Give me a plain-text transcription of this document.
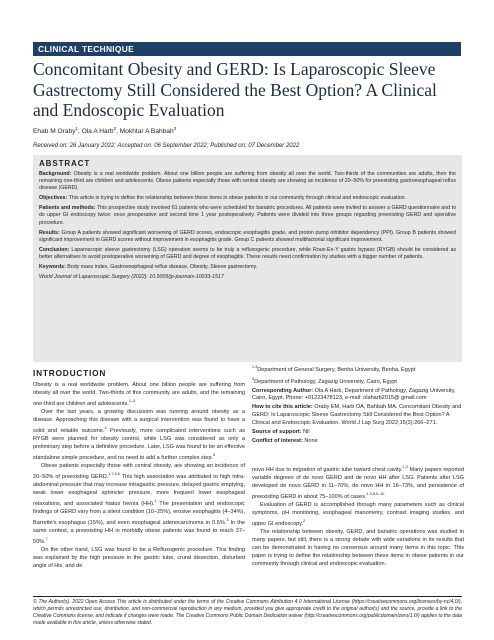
CLINICAL TECHNIQUE
Concomitant Obesity and GERD: Is Laparoscopic Sleeve
Gastrectomy Still Considered the Best Option? A Clinical
and Endoscopic Evaluation
Ehab M Oraby$^1$, Ola A Harb$^2$, Mokhtar A Bahbah$^3$
Received on: 26 January 2022; Accepted on: 06 September 2022; Published on: 07 December 2022
ABSTRACT

Background: Obesity is a real worldwide problem. About one billion people are suffering from obesity all over the world. Two-thirds of the communities are adults, then the remaining one-third are children and adolescents. Obese patients especially those with central obesity are showing an incidence of 20–50% for preexisting gastroesophageal reflux disease (GERD).

Objectives: This article is trying to define the relationship between these items in obese patients in our community through clinical and endoscopic evaluation.

Patients and methods: This prospective study involved 61 patients who were scheduled for bariatric procedures. All patients were invited to answer a GERD questionnaire and to do upper GI endoscopy twice: once preoperative and second time 1 year postoperatively. Patients were divided into three groups regarding preexisting GERD and operative procedure.

Results: Group A patients showed significant worsening of GERD scores, endoscopic esophagitis grade, and proton pump inhibitor dependency (PPI). Group B patients showed significant improvement in GERD scores without improvement in esophagitis grade. Group C patients showed multifactorial significant improvement.

Conclusion: Laparoscopic sleeve gastrectomy (LSG) operation seems to be truly a refluxogenic procedure, while Roux-En-Y gastric bypass (RYGB) should be considered as better alternatives to avoid postoperative worsening of GERD and degree of esophagitis. These results need confirmation by studies with a bigger number of patients.

Keywords: Body mass index, Gastroesophageal reflux disease, Obesity, Sleeve gastrectomy.

World Journal of Laparoscopic Surgery (2022): 10.5005/jp-journals-10033-1517
INTRODUCTION

Obesity is a real worldwide problem. About one billion people are suffering from obesity all over the world. Two-thirds of this community are adults, and the remaining one-third are children and adolescents.$^{1-3}$

Over the last years, a growing discussion was running around obesity as a disease. Approaching this disease with a surgical intervention was found to have a solid and reliable outcome.$^4$ Previously, more complicated interventions such as RYGB were planned for obesity control, while LSG was considered as only a preliminary step before a definitive procedure. Later, LSG was found to be an effective standalone simple procedure, and no need to add a further complex step.$^5$

Obese patients especially those with central obesity, are showing an incidence of 20–50% of preexisting GERD.$^{1,2,5,6}$ This high association was attributed to high intra-abdominal pressure that may increase intragastric pressure, delayed gastric emptying, weak lower esophageal sphincter pressure, more frequent lower esophageal relaxations, and associated hiatus hernia (HH).$^1$ The presentation and endoscopic findings of GERD vary from a silent condition (10–25%), erosive esophagitis (4–34%), Barrette's esophagus (15%), and even esophageal adenocarcinoma in 0.5%.$^3$ In the same context, a preexisting HH in morbidly obese patients was found to reach 37–50%.$^7$

On the other hand, LSG was found to be a Refluxogenic procedure. This finding was explained by the high pressure in the gastric tube, crural dissection, disturbed angle of His, and de

$^{1,3}$Department of General Surgery, Benha University, Benha, Egypt
$^2$Department of Pathology, Zagazig University, Cairo, Egypt
Corresponding Author: Ola A Harb, Department of Pathology, Zagazig University, Cairo, Egypt, Phone: +01223478123, e-mail: olaharb2015@ gmail.com
How to cite this article: Oraby EM, Harb OA, Bahbah MA. Concomitant Obesity and GERD: Is Laparoscopic Sleeve Gastrectomy Still Considered the Best Option? A Clinical and Endoscopic Evaluation. World J Lap Surg 2022;15(3):266–271.
Source of support: Nil
Conflict of interest: None

novo HH due to migration of gastric tube toward chest cavity.$^{1,3}$ Many papers reported variable degrees of de novo GERD and de novo HH after LSG. Patients after LSG developed de novo GERD in 11–70%, de novo HH in 16–73%, and persistence of preexisting GERD in about 75–100% of cases.$^{1,3,8,9-10}$

Evaluation of GERD is accomplished through many parameters such as clinical symptoms, pH monitoring, esophageal manometry, contrast imaging studies, and upper GI endoscopy.$^2$

The relationship between obesity, GERD, and bariatric operations was studied in many papers, but still, there is a strong debate with wide variations in its results that can be demonstrated in having no consensus around many items in this topic. This paper is trying to define the relationship between these items in obese patients in our community through clinical and endoscopic evaluation.

© The Author(s). 2022 Open Access This article is distributed under the terms of the Creative Commons Attribution 4.0 International License (https://creativecommons.org/licenses/by-nc/4.0/), which permits unrestricted use, distribution, and non-commercial reproduction in any medium, provided you give appropriate credit to the original author(s) and the source, provide a link to the Creative Commons license, and indicate if changes were made. The Creative Commons Public Domain Dedication waiver (http://creativecommons.org/publicdomain/zero/1.0/) applies to the data made available in this article, unless otherwise stated.
